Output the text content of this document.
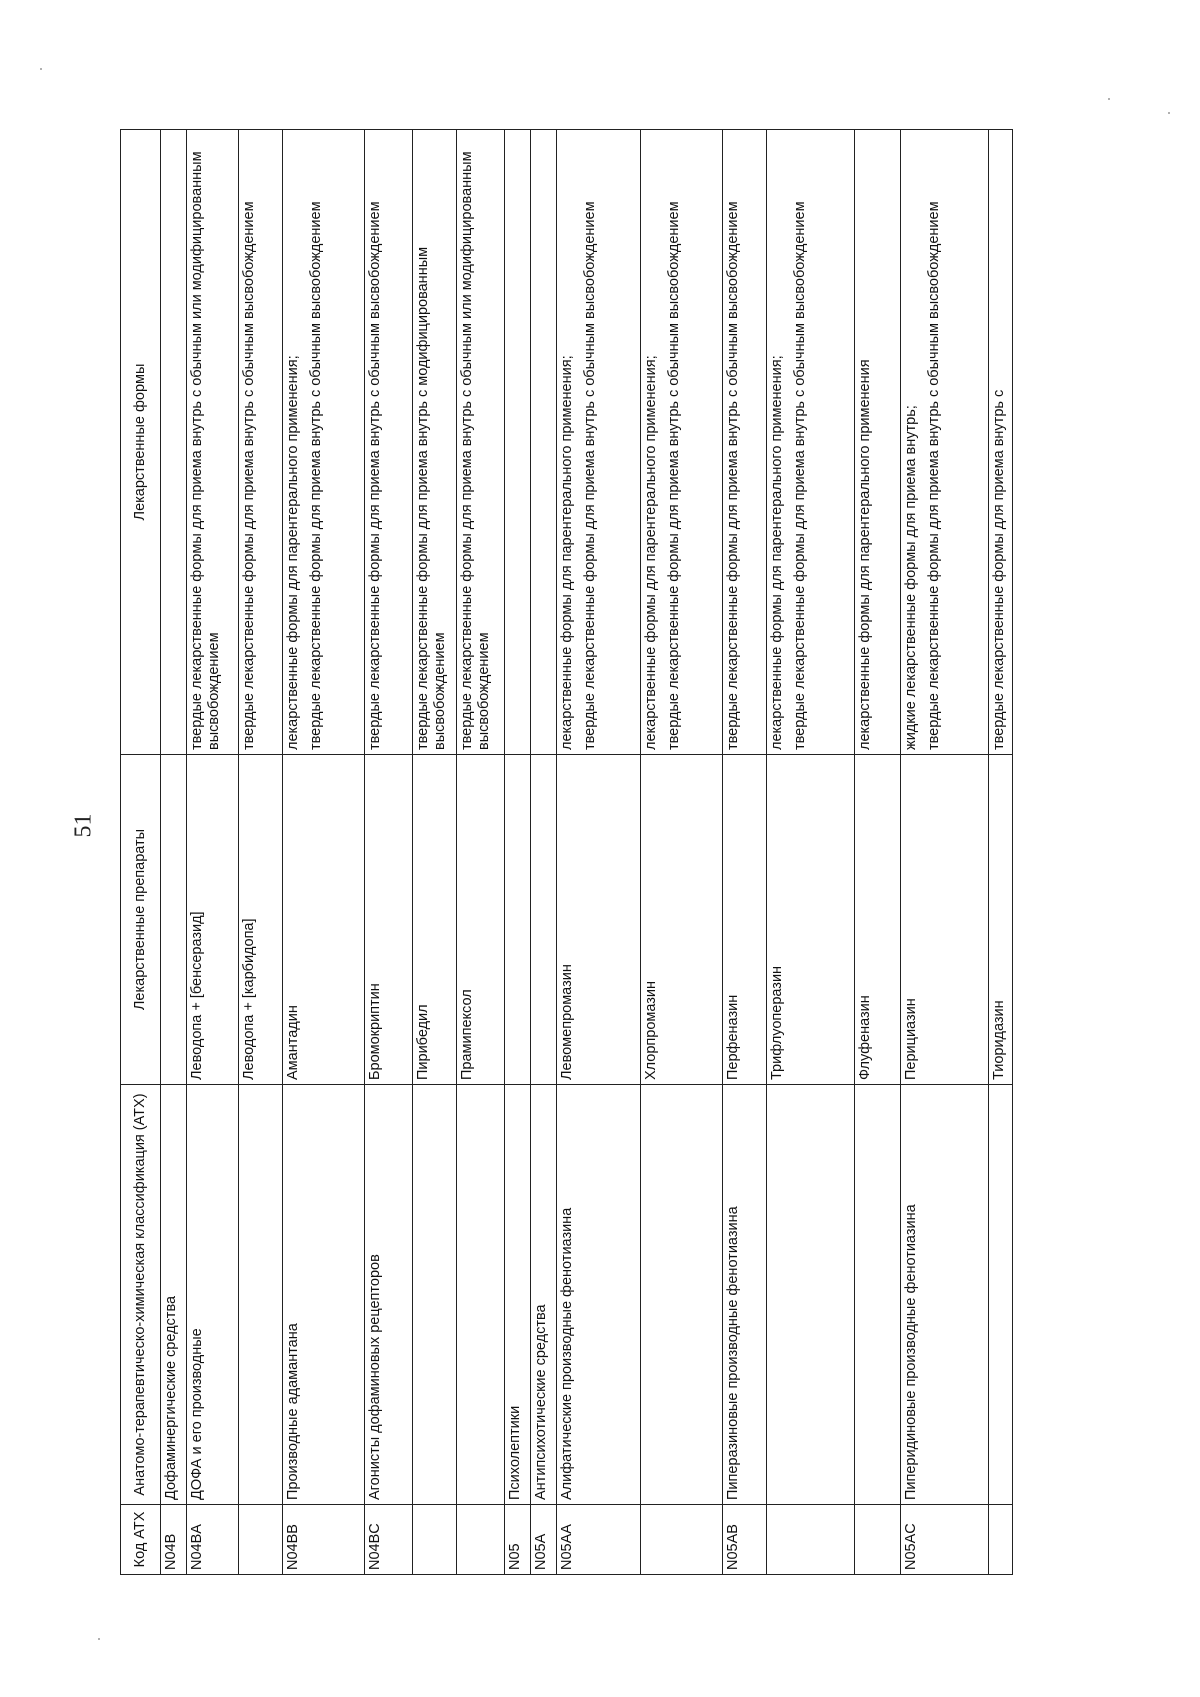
51
Код АТХ	Анатомо-терапевтическо-химическая классификация (АТХ)	Лекарственные препараты	Лекарственные формы
N04B	Дофаминергические средства		
N04BA	ДОФА и его производные	Леводопа + [бенсеразид]	твердые лекарственные формы для приема внутрь с обычным или модифицированным высвобождением

		Леводопа + [карбидопа]	твердые лекарственные формы для приема внутрь с обычным высвобождением

N04BB	Производные адамантана	Амантадин	лекарственные формы для парентерального применения; твердые лекарственные формы для приема внутрь с обычным высвобождением

N04BC	Агонисты дофаминовых рецепторов	Бромокриптин	твердые лекарственные формы для приема внутрь с обычным высвобождением

		Пирибедил	твердые лекарственные формы для приема внутрь с модифицированным высвобождением

		Прамипексол	твердые лекарственные формы для приема внутрь с обычным или модифицированным высвобождением

N05	Психолептики		
N05A	Антипсихотические средства		
N05AA	Алифатические производные фенотиазина	Левомепромазин	лекарственные формы для парентерального применения; твердые лекарственные формы для приема внутрь с обычным высвобождением

		Хлорпромазин	лекарственные формы для парентерального применения; твердые лекарственные формы для приема внутрь с обычным высвобождением

N05AB	Пиперазиновые производные фенотиазина	Перфеназин	твердые лекарственные формы для приема внутрь с обычным высвобождением

		Трифлуоперазин	лекарственные формы для парентерального применения; твердые лекарственные формы для приема внутрь с обычным высвобождением

		Флуфеназин	лекарственные формы для парентерального применения

N05AC	Пиперидиновые производные фенотиазина	Перициазин	жидкие лекарственные формы для приема внутрь; твердые лекарственные формы для приема внутрь с обычным высвобождением

		Тиоридазин	твердые лекарственные формы для приема внутрь с
